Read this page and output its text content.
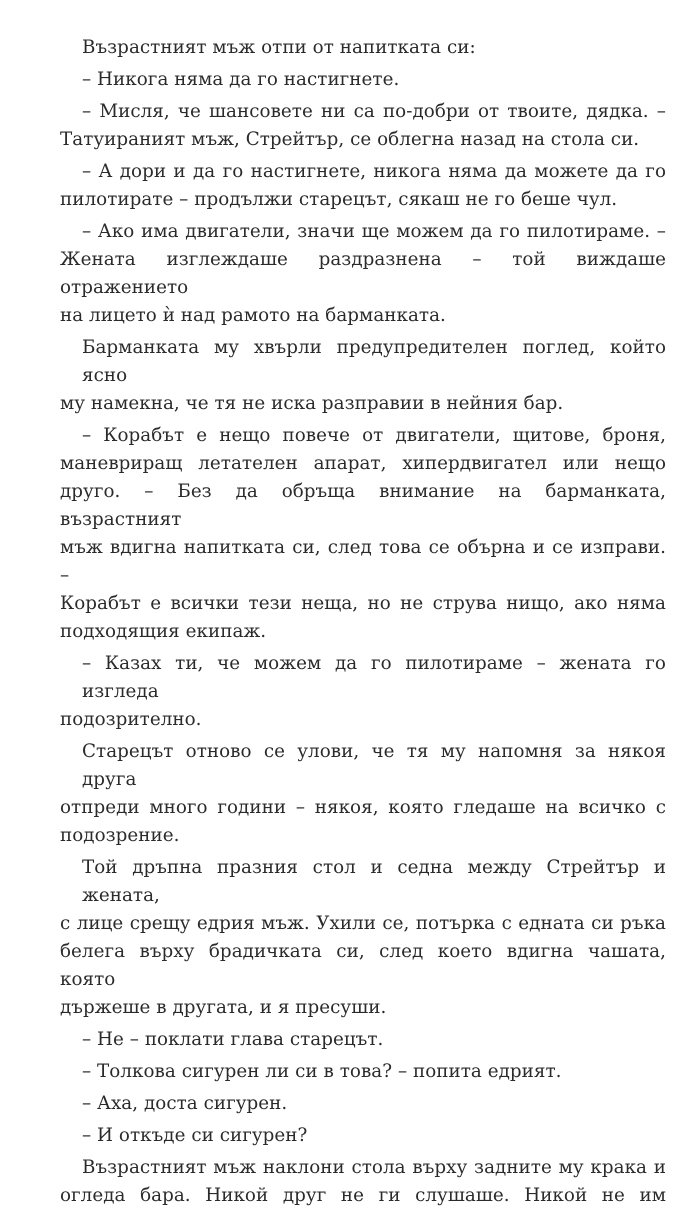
Възрастният мъж отпи от напитката си:
– Никога няма да го настигнете.
– Мисля, че шансовете ни са по-добри от твоите, дядка. –
Татуираният мъж, Стрейтър, се облегна назад на стола си.
– А дори и да го настигнете, никога няма да можете да го
пилотирате – продължи старецът, сякаш не го беше чул.
– Ако има двигатели, значи ще можем да го пилотираме. –
Жената изглеждаше раздразнена – той виждаше отражението
на лицето ѝ над рамото на барманката.
Барманката му хвърли предупредителен поглед, който ясно
му намекна, че тя не иска разправии в нейния бар.
– Корабът е нещо повече от двигатели, щитове, броня,
маневриращ летателен апарат, хипердвигател или нещо
друго. – Без да обръща внимание на барманката, възрастният
мъж вдигна напитката си, след това се обърна и се изправи. –
Корабът е всички тези неща, но не струва нищо, ако няма
подходящия екипаж.
– Казах ти, че можем да го пилотираме – жената го изгледа
подозрително.
Старецът отново се улови, че тя му напомня за някоя друга
отпреди много години – някоя, която гледаше на всичко с
подозрение.
Той дръпна празния стол и седна между Стрейтър и жената,
с лице срещу едрия мъж. Ухили се, потърка с едната си ръка
белега върху брадичката си, след което вдигна чашата, която
държеше в другата, и я пресуши.
– Не – поклати глава старецът.
– Толкова сигурен ли си в това? – попита едрият.
– Аха, доста сигурен.
– И откъде си сигурен?
Възрастният мъж наклони стола върху задните му крака и
огледа бара. Никой друг не ги слушаше. Никой не им
